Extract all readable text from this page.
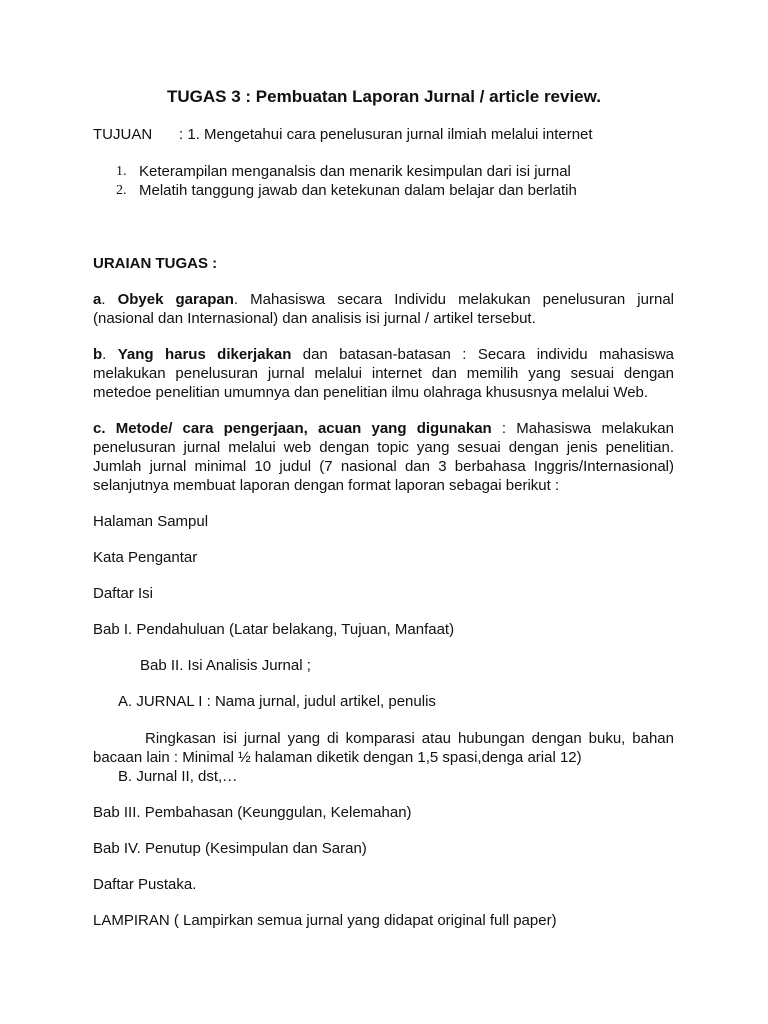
TUGAS 3 : Pembuatan Laporan Jurnal / article review.

TUJUAN : 1. Mengetahui cara penelusuran jurnal ilmiah melalui internet
1. Keterampilan menganalsis dan menarik kesimpulan dari isi jurnal
2. Melatih tanggung jawab dan ketekunan dalam belajar dan berlatih

URAIAN TUGAS :

a. Obyek garapan. Mahasiswa secara Individu melakukan penelusuran jurnal (nasional dan Internasional) dan analisis isi jurnal / artikel tersebut.

b. Yang harus dikerjakan dan batasan-batasan : Secara individu mahasiswa melakukan penelusuran jurnal melalui internet dan memilih yang sesuai dengan metedoe penelitian umumnya dan penelitian ilmu olahraga khususnya melalui Web.

c. Metode/ cara pengerjaan, acuan yang digunakan : Mahasiswa melakukan penelusuran jurnal melalui web dengan topic yang sesuai dengan jenis penelitian. Jumlah jurnal minimal 10 judul (7 nasional dan 3 berbahasa Inggris/Internasional) selanjutnya membuat laporan dengan format laporan sebagai berikut :

Halaman Sampul

Kata Pengantar

Daftar Isi

Bab I. Pendahuluan (Latar belakang, Tujuan, Manfaat)

Bab II. Isi Analisis Jurnal ;

A. JURNAL I : Nama jurnal, judul artikel, penulis

Ringkasan isi jurnal yang di komparasi atau hubungan dengan buku, bahan bacaan lain : Minimal ½ halaman diketik dengan 1,5 spasi,denga arial 12)

B. Jurnal II, dst,…

Bab III. Pembahasan (Keunggulan, Kelemahan)

Bab IV. Penutup (Kesimpulan dan Saran)

Daftar Pustaka.

LAMPIRAN ( Lampirkan semua jurnal yang didapat original full paper)
